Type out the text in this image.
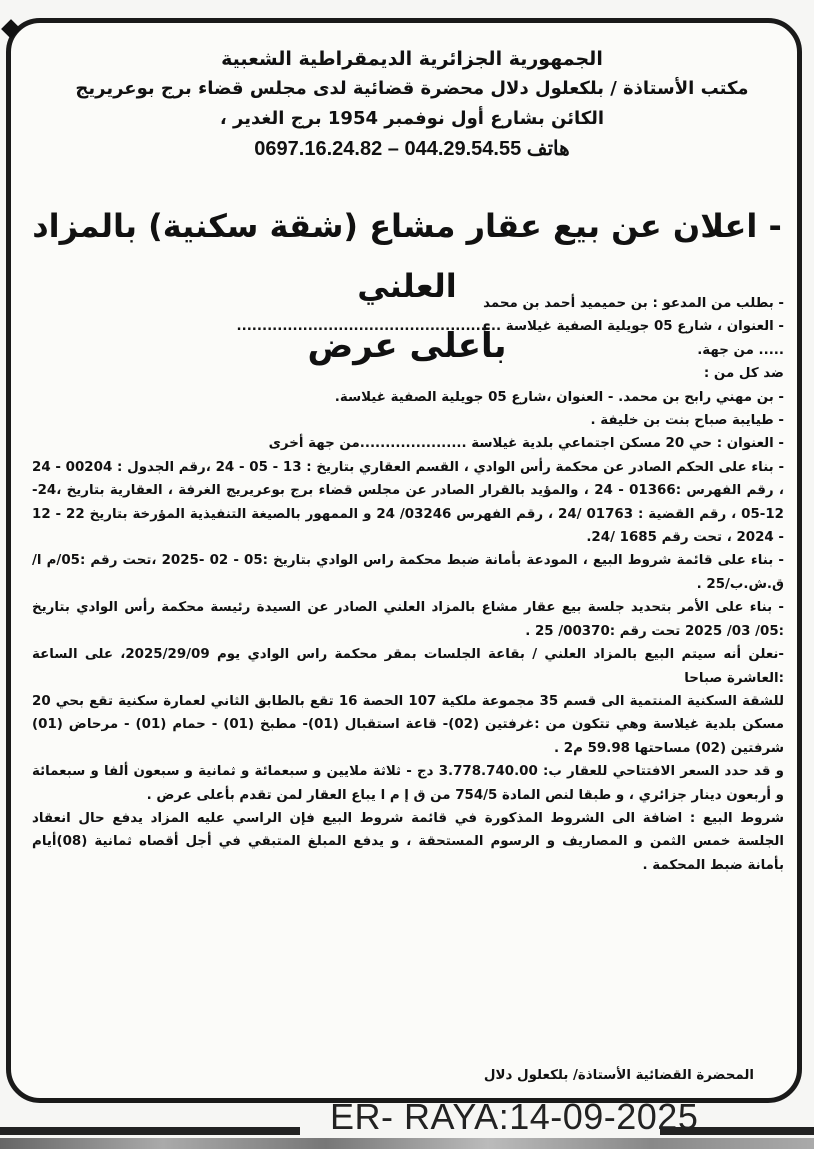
الجمهورية الجزائرية الديمقراطية الشعبية
مكتب الأستاذة / بلكعلول دلال محضرة قضائية لدى مجلس قضاء برج بوعريريج
الكائن بشارع أول نوفمبر 1954 برج الغدير ،
هاتف 044.29.54.55 – 0697.16.24.82
- اعلان عن بيع عقار مشاع (شقة سكنية) بالمزاد العلني
بأعلى عرض

- بطلب من المدعو : بن حميميد أحمد بن محمد

- العنوان ، شارع 05 جويلية الصفية غيلاسة ....................................................

..... من جهة.

ضد كل من :

- بن مهني رابح بن محمد. - العنوان ،شارع 05 جويلية الصفية غيلاسة.

- طيايبة صباح بنت بن خليفة .

- العنوان : حي 20 مسكن اجتماعي بلدية غيلاسة .....................من جهة أخرى

- بناء على الحكم الصادر عن محكمة رأس الوادي ، القسم العقاري بتاريخ : 13 - 05 - 24 ،رقم الجدول : 00204 - 24 ، رقم الفهرس :01366 - 24 ، والمؤيد بالقرار الصادر عن مجلس قضاء برج بوعريريج الغرفة ، العقارية بتاريخ ،24-12-05 ، رقم القضية : 01763 /24 ، رقم الفهرس 03246/ 24 و الممهور بالصيغة التنفيذية المؤرخة بتاريخ 22 - 12 - 2024 ، تحت رقم 1685 /24.

- بناء على قائمة شروط البيع ، المودعة بأمانة ضبط محكمة راس الوادي بتاريخ :05 - 02 -2025 ،تحت رقم :05/م ا/ق.ش.ب/25 .

- بناء على الأمر بتحديد جلسة بيع عقار مشاع بالمزاد العلني الصادر عن السيدة رئيسة محكمة رأس الوادي بتاريخ :05/ 03/ 2025 تحت رقم :00370/ 25 .

-نعلن أنه سيتم البيع بالمزاد العلني / بقاعة الجلسات بمقر محكمة راس الوادي يوم 2025/29/09، على الساعة :العاشرة صباحا

للشقة السكنية المنتمية الى قسم 35 مجموعة ملكية 107 الحصة 16 تقع بالطابق الثاني لعمارة سكنية تقع بحي 20 مسكن بلدية غيلاسة وهي تتكون من :غرفتين (02)- قاعة استقبال (01)- مطبخ (01) - حمام (01) - مرحاض (01) شرفتين (02) مساحتها 59.98 م2 .

و قد حدد السعر الافتتاحي للعقار ب: 3.778.740.00 دج - ثلاثة ملايين و سبعمائة و ثمانية و سبعون ألفا و سبعمائة و أربعون دينار جزائري ، و طبقا لنص المادة 754/5 من ق إ م ا يباع العقار لمن تقدم بأعلى عرض .

شروط البيع : اضافة الى الشروط المذكورة في قائمة شروط البيع فإن الراسي عليه المزاد يدفع حال انعقاد الجلسة خمس الثمن و المصاريف و الرسوم المستحقة ، و يدفع المبلغ المتبقي في أجل أقصاه ثمانية (08)أيام بأمانة ضبط المحكمة .

المحضرة القضائية الأستاذة/ بلكعلول دلال
ER- RAYA:14-09-2025
